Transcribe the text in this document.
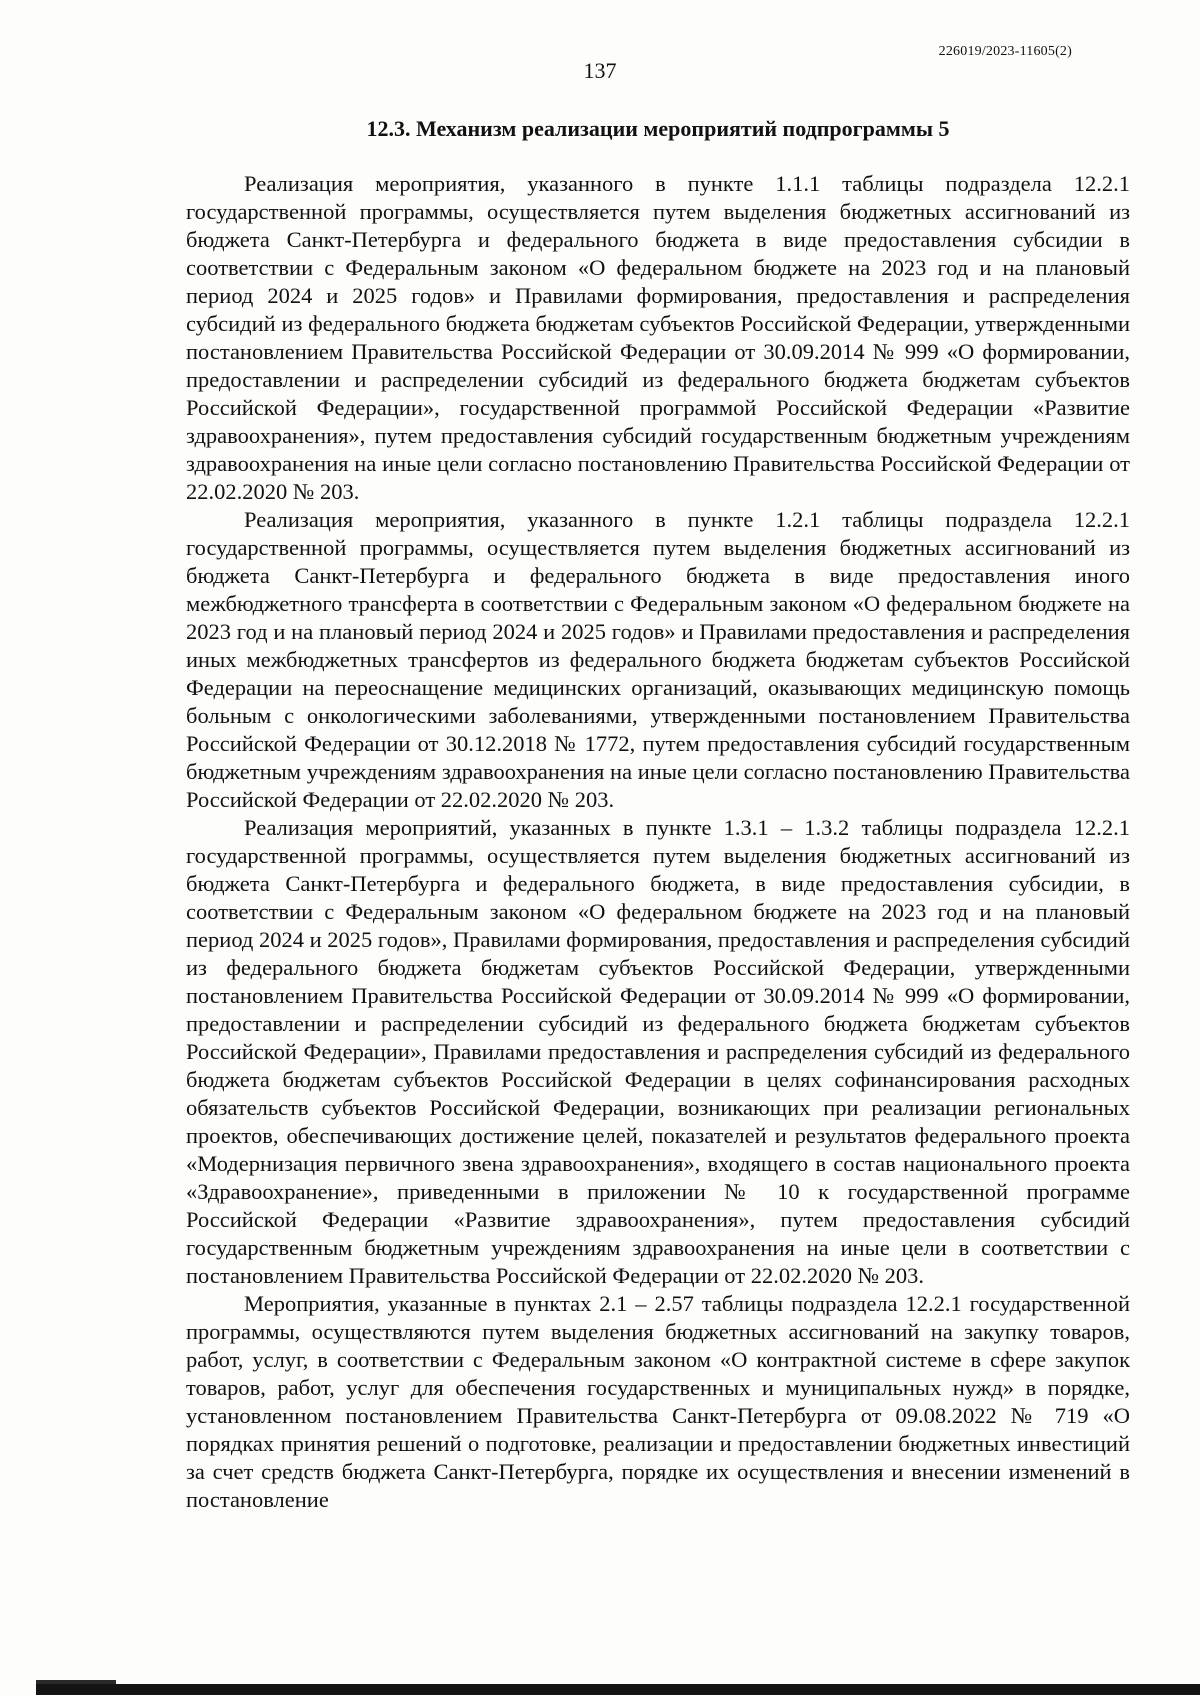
226019/2023-11605(2)
137
12.3. Механизм реализации мероприятий подпрограммы 5

Реализация мероприятия, указанного в пункте 1.1.1 таблицы подраздела 12.2.1 государственной программы, осуществляется путем выделения бюджетных ассигнований из бюджета Санкт-Петербурга и федерального бюджета в виде предоставления субсидии в соответствии с Федеральным законом «О федеральном бюджете на 2023 год и на плановый период 2024 и 2025 годов» и Правилами формирования, предоставления и распределения субсидий из федерального бюджета бюджетам субъектов Российской Федерации, утвержденными постановлением Правительства Российской Федерации от 30.09.2014 № 999 «О формировании, предоставлении и распределении субсидий из федерального бюджета бюджетам субъектов Российской Федерации», государственной программой Российской Федерации «Развитие здравоохранения», путем предоставления субсидий государственным бюджетным учреждениям здравоохранения на иные цели согласно постановлению Правительства Российской Федерации от 22.02.2020 № 203.

Реализация мероприятия, указанного в пункте 1.2.1 таблицы подраздела 12.2.1 государственной программы, осуществляется путем выделения бюджетных ассигнований из бюджета Санкт-Петербурга и федерального бюджета в виде предоставления иного межбюджетного трансферта в соответствии с Федеральным законом «О федеральном бюджете на 2023 год и на плановый период 2024 и 2025 годов» и Правилами предоставления и распределения иных межбюджетных трансфертов из федерального бюджета бюджетам субъектов Российской Федерации на переоснащение медицинских организаций, оказывающих медицинскую помощь больным с онкологическими заболеваниями, утвержденными постановлением Правительства Российской Федерации от 30.12.2018 № 1772, путем предоставления субсидий государственным бюджетным учреждениям здравоохранения на иные цели согласно постановлению Правительства Российской Федерации от 22.02.2020 № 203.

Реализация мероприятий, указанных в пункте 1.3.1 – 1.3.2 таблицы подраздела 12.2.1 государственной программы, осуществляется путем выделения бюджетных ассигнований из бюджета Санкт-Петербурга и федерального бюджета, в виде предоставления субсидии, в соответствии с Федеральным законом «О федеральном бюджете на 2023 год и на плановый период 2024 и 2025 годов», Правилами формирования, предоставления и распределения субсидий из федерального бюджета бюджетам субъектов Российской Федерации, утвержденными постановлением Правительства Российской Федерации от 30.09.2014 № 999 «О формировании, предоставлении и распределении субсидий из федерального бюджета бюджетам субъектов Российской Федерации», Правилами предоставления и распределения субсидий из федерального бюджета бюджетам субъектов Российской Федерации в целях софинансирования расходных обязательств субъектов Российской Федерации, возникающих при реализации региональных проектов, обеспечивающих достижение целей, показателей и результатов федерального проекта «Модернизация первичного звена здравоохранения», входящего в состав национального проекта «Здравоохранение», приведенными в приложении № 10 к государственной программе Российской Федерации «Развитие здравоохранения», путем предоставления субсидий государственным бюджетным учреждениям здравоохранения на иные цели в соответствии с постановлением Правительства Российской Федерации от 22.02.2020 № 203.

Мероприятия, указанные в пунктах 2.1 – 2.57 таблицы подраздела 12.2.1 государственной программы, осуществляются путем выделения бюджетных ассигнований на закупку товаров, работ, услуг, в соответствии с Федеральным законом «О контрактной системе в сфере закупок товаров, работ, услуг для обеспечения государственных и муниципальных нужд» в порядке, установленном постановлением Правительства Санкт-Петербурга от 09.08.2022 № 719 «О порядках принятия решений о подготовке, реализации и предоставлении бюджетных инвестиций за счет средств бюджета Санкт-Петербурга, порядке их осуществления и внесении изменений в постановление
